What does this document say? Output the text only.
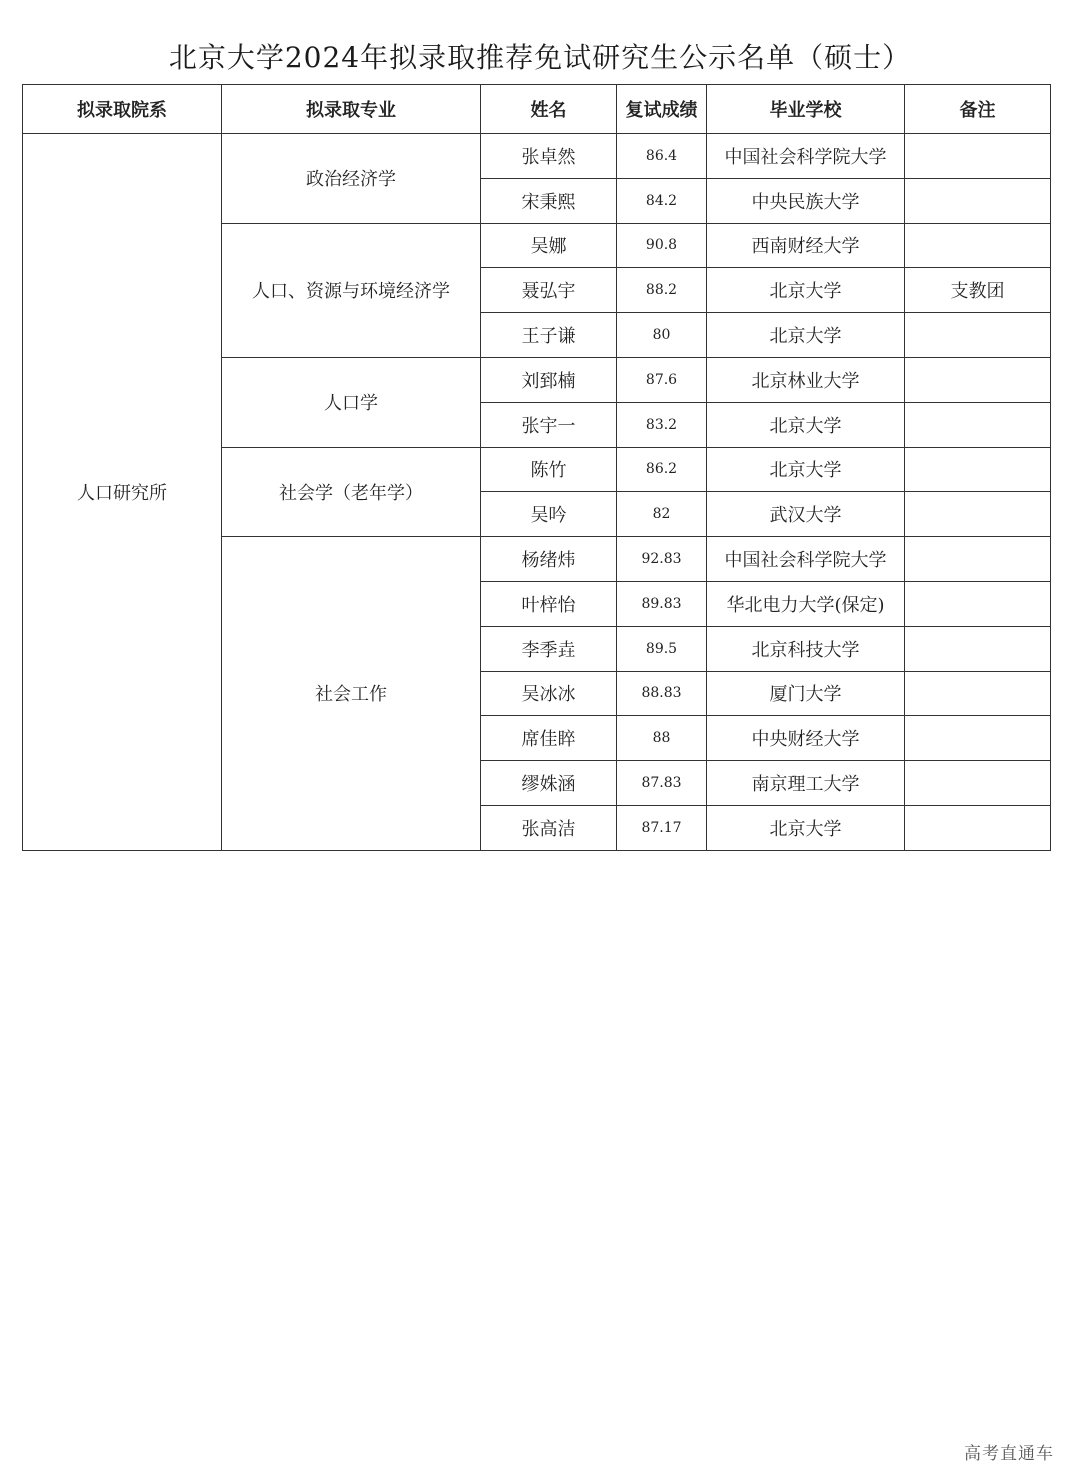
北京大学2024年拟录取推荐免试研究生公示名单（硕士）
拟录取院系	拟录取专业	姓名	复试成绩	毕业学校	备注
人口研究所	政治经济学	张卓然	86.4	中国社会科学院大学	
		宋秉熙	84.2	中央民族大学	
	人口、资源与环境经济学	吴娜	90.8	西南财经大学	
		聂弘宇	88.2	北京大学	支教团
		王子谦	80	北京大学	
	人口学	刘郅楠	87.6	北京林业大学	
		张宇一	83.2	北京大学	
	社会学（老年学）	陈竹	86.2	北京大学	
		吴吟	82	武汉大学	
	社会工作	杨绪炜	92.83	中国社会科学院大学	
		叶梓怡	89.83	华北电力大学(保定)	
		李季垚	89.5	北京科技大学	
		吴冰冰	88.83	厦门大学	
		席佳睟	88	中央财经大学	
		缪姝涵	87.83	南京理工大学	
		张高洁	87.17	北京大学	
高考直通车
